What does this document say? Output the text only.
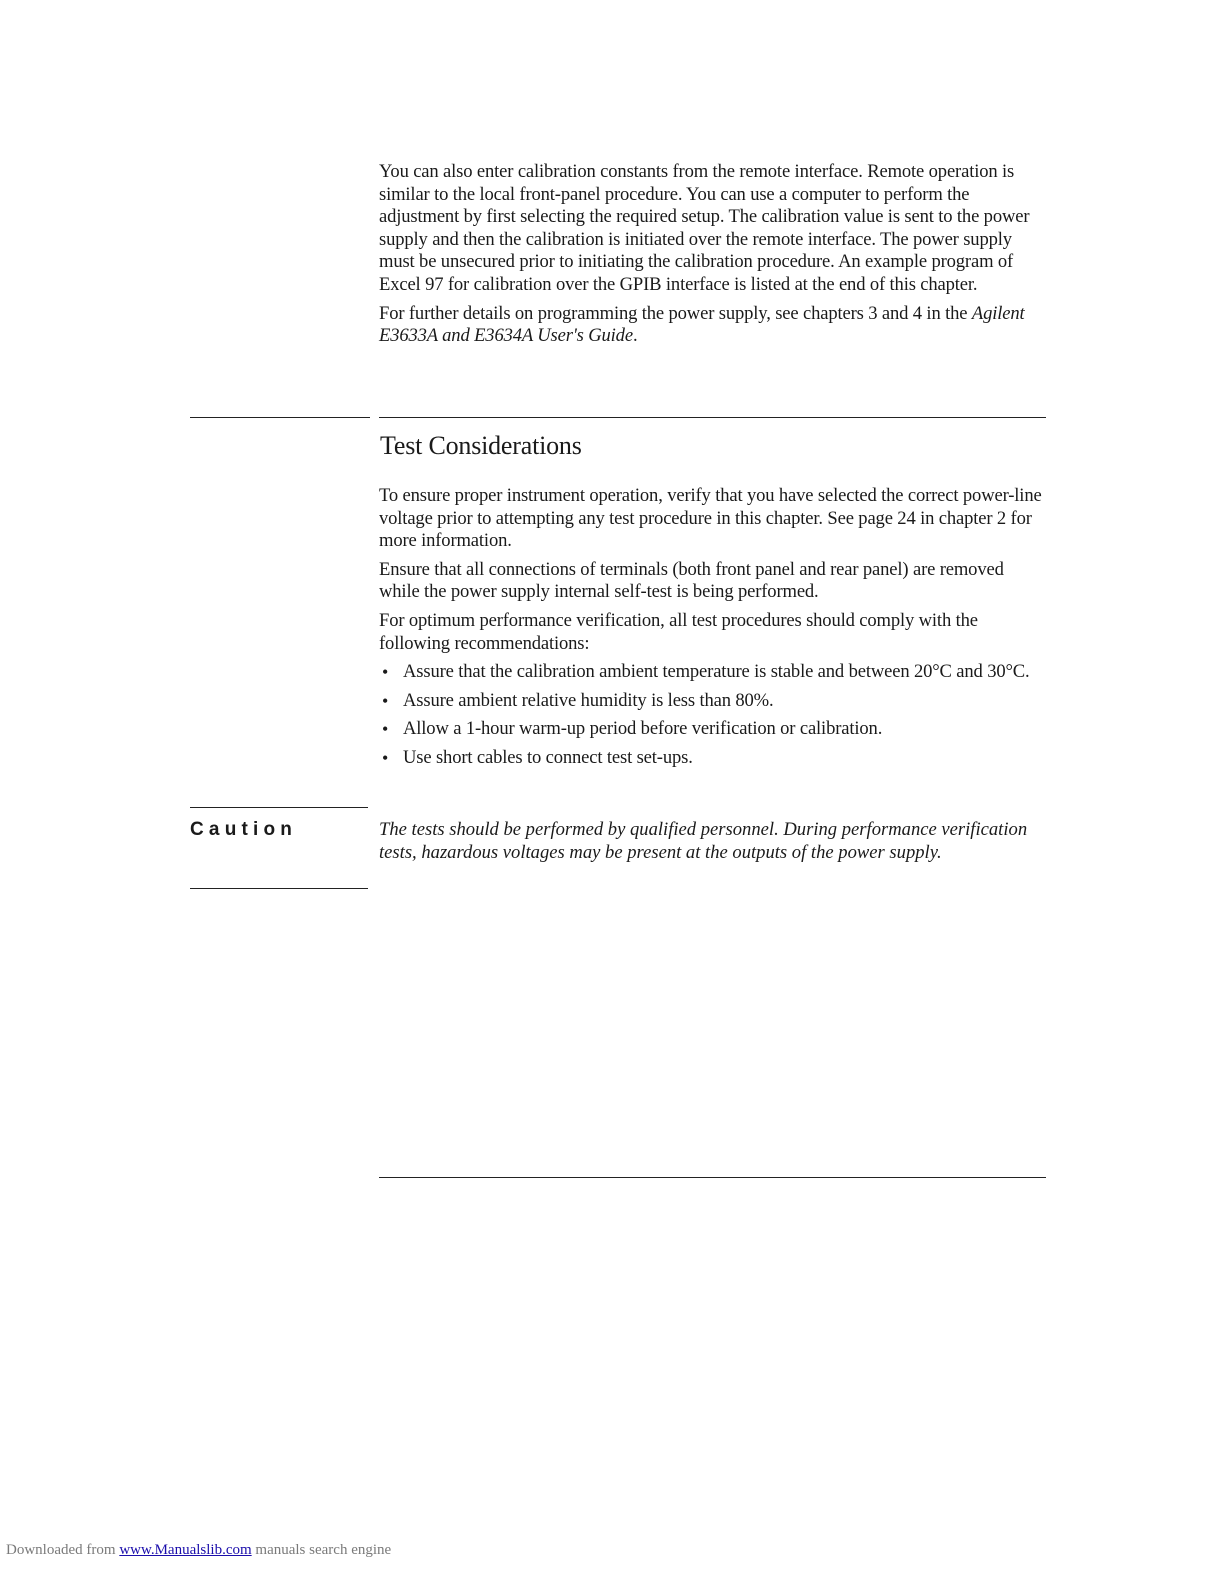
You can also enter calibration constants from the remote interface. Remote operation is similar to the local front-panel procedure. You can use a computer to perform the adjustment by first selecting the required setup. The calibration value is sent to the power supply and then the calibration is initiated over the remote interface. The power supply must be unsecured prior to initiating the calibration procedure. An example program of Excel 97 for calibration over the GPIB interface is listed at the end of this chapter.

For further details on programming the power supply, see chapters 3 and 4 in the Agilent E3633A and E3634A User's Guide.

Test Considerations

To ensure proper instrument operation, verify that you have selected the correct power-line voltage prior to attempting any test procedure in this chapter. See page 24 in chapter 2 for more information.

Ensure that all connections of terminals (both front panel and rear panel) are removed while the power supply internal self-test is being performed.

For optimum performance verification, all test procedures should comply with the following recommendations:

• Assure that the calibration ambient temperature is stable and between 20°C and 30°C.
• Assure ambient relative humidity is less than 80%.
• Allow a 1-hour warm-up period before verification or calibration.
• Use short cables to connect test set-ups.
Caution	The tests should be performed by qualified personnel. During performance verification tests, hazardous voltages may be present at the outputs of the power supply.
Downloaded from www.Manualslib.com manuals search engine
